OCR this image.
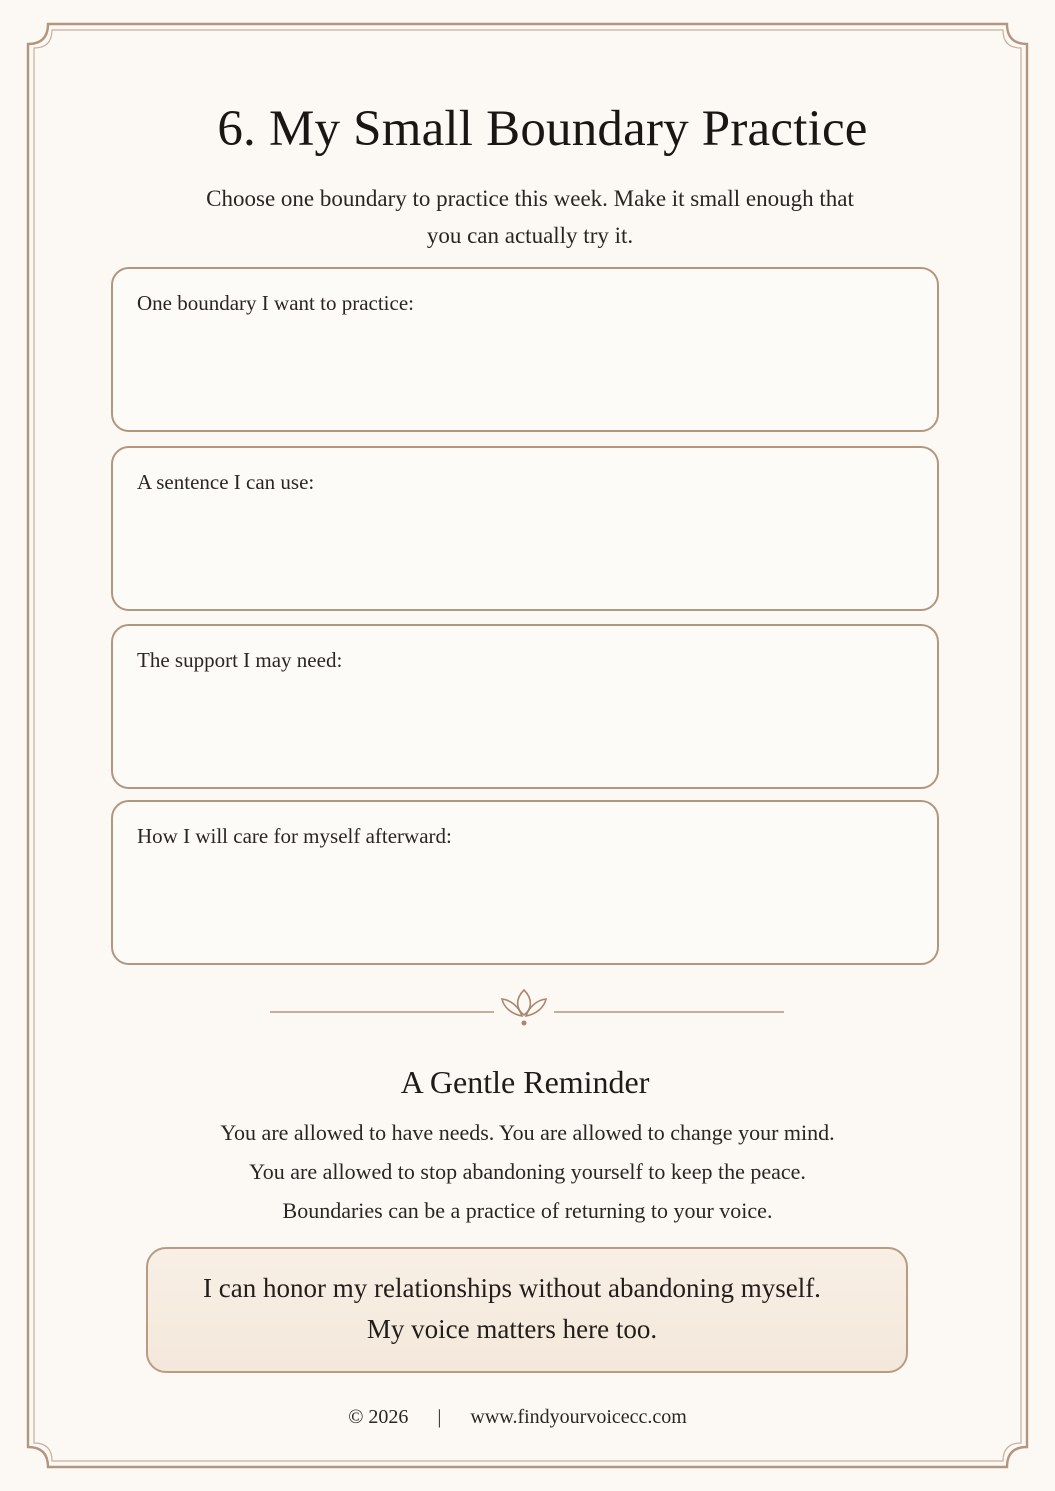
6. My Small Boundary Practice
Choose one boundary to practice this week. Make it small enough that
you can actually try it.
One boundary I want to practice:
A sentence I can use:
The support I may need:
How I will care for myself afterward:
A Gentle Reminder
You are allowed to have needs. You are allowed to change your mind.
You are allowed to stop abandoning yourself to keep the peace.
Boundaries can be a practice of returning to your voice.
I can honor my relationships without abandoning myself.
My voice matters here too.
© 2026 | www.findyourvoicecc.com
